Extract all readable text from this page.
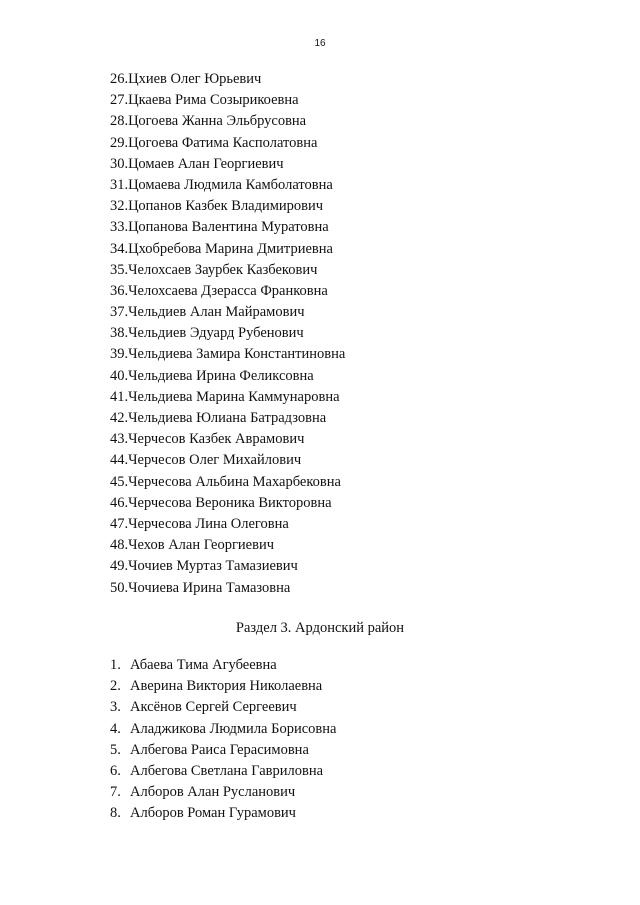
16
26.Цхиев Олег Юрьевич
27.Цкаева Рима Созырикоевна
28.Цогоева Жанна Эльбрусовна
29.Цогоева Фатима Касполатовна
30.Цомаев Алан Георгиевич
31.Цомаева Людмила Камболатовна
32.Цопанов Казбек Владимирович
33.Цопанова Валентина Муратовна
34.Цхобребова Марина Дмитриевна
35.Челохсаев Заурбек Казбекович
36.Челохсаева Дзерасса Франковна
37.Чельдиев Алан Майрамович
38.Чельдиев Эдуард Рубенович
39.Чельдиева Замира Константиновна
40.Чельдиева Ирина Феликсовна
41.Чельдиева Марина Каммунаровна
42.Чельдиева Юлиана Батрадзовна
43.Черчесов Казбек Аврамович
44.Черчесов Олег Михайлович
45.Черчесова Альбина Махарбековна
46.Черчесова Вероника Викторовна
47.Черчесова Лина Олеговна
48.Чехов Алан Георгиевич
49.Чочиев Муртаз Тамазиевич
50.Чочиева Ирина Тамазовна
Раздел 3. Ардонский район
1. Абаева Тима Агубеевна
2. Аверина Виктория Николаевна
3. Аксёнов Сергей Сергеевич
4. Аладжикова Людмила Борисовна
5. Албегова Раиса Герасимовна
6. Албегова Светлана Гавриловна
7. Алборов Алан Русланович
8. Алборов Роман Гурамович
